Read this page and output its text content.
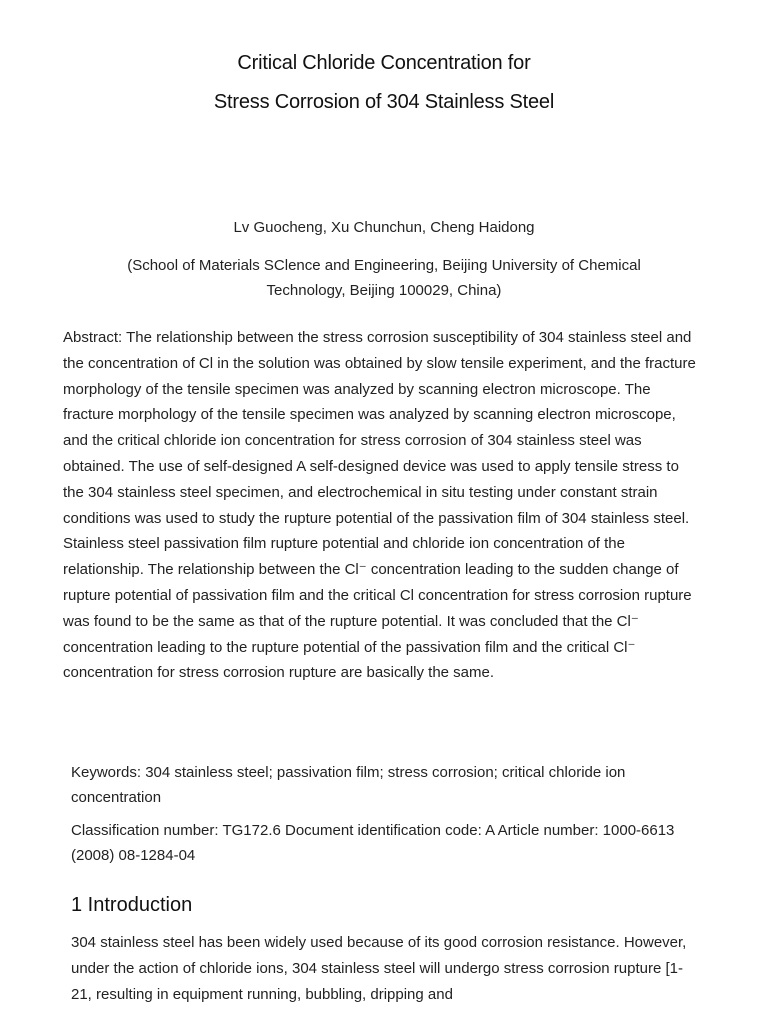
Critical Chloride Concentration for
Stress Corrosion of 304 Stainless Steel
Lv Guocheng, Xu Chunchun, Cheng Haidong
(School of Materials SClence and Engineering, Beijing University of Chemical Technology, Beijing 100029, China)

Abstract: The relationship between the stress corrosion susceptibility of 304 stainless steel and the concentration of Cl in the solution was obtained by slow tensile experiment, and the fracture morphology of the tensile specimen was analyzed by scanning electron microscope. The fracture morphology of the tensile specimen was analyzed by scanning electron microscope, and the critical chloride ion concentration for stress corrosion of 304 stainless steel was obtained. The use of self-designed A self-designed device was used to apply tensile stress to the 304 stainless steel specimen, and electrochemical in situ testing under constant strain conditions was used to study the rupture potential of the passivation film of 304 stainless steel. Stainless steel passivation film rupture potential and chloride ion concentration of the relationship. The relationship between the Cl⁻ concentration leading to the sudden change of rupture potential of passivation film and the critical Cl concentration for stress corrosion rupture was found to be the same as that of the rupture potential. It was concluded that the Cl⁻ concentration leading to the rupture potential of the passivation film and the critical Cl⁻ concentration for stress corrosion rupture are basically the same.

Keywords: 304 stainless steel; passivation film; stress corrosion; critical chloride ion concentration

Classification number: TG172.6 Document identification code: A Article number: 1000-6613 (2008) 08-1284-04

1 Introduction

304 stainless steel has been widely used because of its good corrosion resistance. However, under the action of chloride ions, 304 stainless steel will undergo stress corrosion rupture [1-21, resulting in equipment running, bubbling, dripping and
